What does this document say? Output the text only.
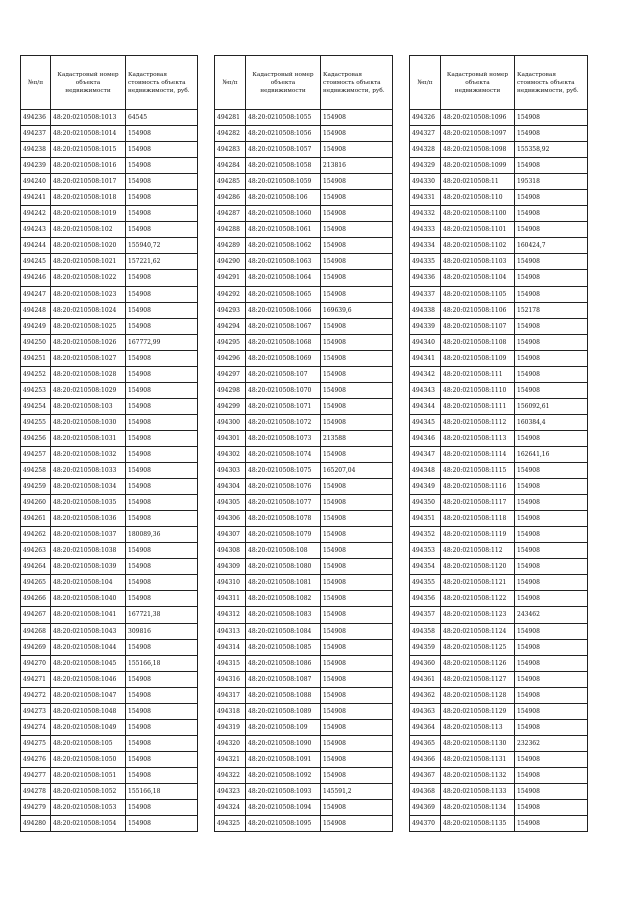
№п/п	Кадастровый номер объекта недвижимости	Кадастровая стоимость объекта недвижимости, руб.
494236	48:20:0210508:1013	64545
494237	48:20:0210508:1014	154908
494238	48:20:0210508:1015	154908
494239	48:20:0210508:1016	154908
494240	48:20:0210508:1017	154908
494241	48:20:0210508:1018	154908
494242	48:20:0210508:1019	154908
494243	48:20:0210508:102	154908
494244	48:20:0210508:1020	155940,72
494245	48:20:0210508:1021	157221,62
494246	48:20:0210508:1022	154908
494247	48:20:0210508:1023	154908
494248	48:20:0210508:1024	154908
494249	48:20:0210508:1025	154908
494250	48:20:0210508:1026	167772,99
494251	48:20:0210508:1027	154908
494252	48:20:0210508:1028	154908
494253	48:20:0210508:1029	154908
494254	48:20:0210508:103	154908
494255	48:20:0210508:1030	154908
494256	48:20:0210508:1031	154908
494257	48:20:0210508:1032	154908
494258	48:20:0210508:1033	154908
494259	48:20:0210508:1034	154908
494260	48:20:0210508:1035	154908
494261	48:20:0210508:1036	154908
494262	48:20:0210508:1037	180089,36
494263	48:20:0210508:1038	154908
494264	48:20:0210508:1039	154908
494265	48:20:0210508:104	154908
494266	48:20:0210508:1040	154908
494267	48:20:0210508:1041	167721,38
494268	48:20:0210508:1043	309816
494269	48:20:0210508:1044	154908
494270	48:20:0210508:1045	155166,18
494271	48:20:0210508:1046	154908
494272	48:20:0210508:1047	154908
494273	48:20:0210508:1048	154908
494274	48:20:0210508:1049	154908
494275	48:20:0210508:105	154908
494276	48:20:0210508:1050	154908
494277	48:20:0210508:1051	154908
494278	48:20:0210508:1052	155166,18
494279	48:20:0210508:1053	154908
494280	48:20:0210508:1054	154908
№п/п	Кадастровый номер объекта недвижимости	Кадастровая стоимость объекта недвижимости, руб.
494281	48:20:0210508:1055	154908
494282	48:20:0210508:1056	154908
494283	48:20:0210508:1057	154908
494284	48:20:0210508:1058	213816
494285	48:20:0210508:1059	154908
494286	48:20:0210508:106	154908
494287	48:20:0210508:1060	154908
494288	48:20:0210508:1061	154908
494289	48:20:0210508:1062	154908
494290	48:20:0210508:1063	154908
494291	48:20:0210508:1064	154908
494292	48:20:0210508:1065	154908
494293	48:20:0210508:1066	169639,6
494294	48:20:0210508:1067	154908
494295	48:20:0210508:1068	154908
494296	48:20:0210508:1069	154908
494297	48:20:0210508:107	154908
494298	48:20:0210508:1070	154908
494299	48:20:0210508:1071	154908
494300	48:20:0210508:1072	154908
494301	48:20:0210508:1073	213588
494302	48:20:0210508:1074	154908
494303	48:20:0210508:1075	165207,04
494304	48:20:0210508:1076	154908
494305	48:20:0210508:1077	154908
494306	48:20:0210508:1078	154908
494307	48:20:0210508:1079	154908
494308	48:20:0210508:108	154908
494309	48:20:0210508:1080	154908
494310	48:20:0210508:1081	154908
494311	48:20:0210508:1082	154908
494312	48:20:0210508:1083	154908
494313	48:20:0210508:1084	154908
494314	48:20:0210508:1085	154908
494315	48:20:0210508:1086	154908
494316	48:20:0210508:1087	154908
494317	48:20:0210508:1088	154908
494318	48:20:0210508:1089	154908
494319	48:20:0210508:109	154908
494320	48:20:0210508:1090	154908
494321	48:20:0210508:1091	154908
494322	48:20:0210508:1092	154908
494323	48:20:0210508:1093	145591,2
494324	48:20:0210508:1094	154908
494325	48:20:0210508:1095	154908
№п/п	Кадастровый номер объекта недвижимости	Кадастровая стоимость объекта недвижимости, руб.
494326	48:20:0210508:1096	154908
494327	48:20:0210508:1097	154908
494328	48:20:0210508:1098	155358,92
494329	48:20:0210508:1099	154908
494330	48:20:0210508:11	195318
494331	48:20:0210508:110	154908
494332	48:20:0210508:1100	154908
494333	48:20:0210508:1101	154908
494334	48:20:0210508:1102	160424,7
494335	48:20:0210508:1103	154908
494336	48:20:0210508:1104	154908
494337	48:20:0210508:1105	154908
494338	48:20:0210508:1106	152178
494339	48:20:0210508:1107	154908
494340	48:20:0210508:1108	154908
494341	48:20:0210508:1109	154908
494342	48:20:0210508:111	154908
494343	48:20:0210508:1110	154908
494344	48:20:0210508:1111	156092,61
494345	48:20:0210508:1112	160384,4
494346	48:20:0210508:1113	154908
494347	48:20:0210508:1114	162641,16
494348	48:20:0210508:1115	154908
494349	48:20:0210508:1116	154908
494350	48:20:0210508:1117	154908
494351	48:20:0210508:1118	154908
494352	48:20:0210508:1119	154908
494353	48:20:0210508:112	154908
494354	48:20:0210508:1120	154908
494355	48:20:0210508:1121	154908
494356	48:20:0210508:1122	154908
494357	48:20:0210508:1123	243462
494358	48:20:0210508:1124	154908
494359	48:20:0210508:1125	154908
494360	48:20:0210508:1126	154908
494361	48:20:0210508:1127	154908
494362	48:20:0210508:1128	154908
494363	48:20:0210508:1129	154908
494364	48:20:0210508:113	154908
494365	48:20:0210508:1130	232362
494366	48:20:0210508:1131	154908
494367	48:20:0210508:1132	154908
494368	48:20:0210508:1133	154908
494369	48:20:0210508:1134	154908
494370	48:20:0210508:1135	154908
